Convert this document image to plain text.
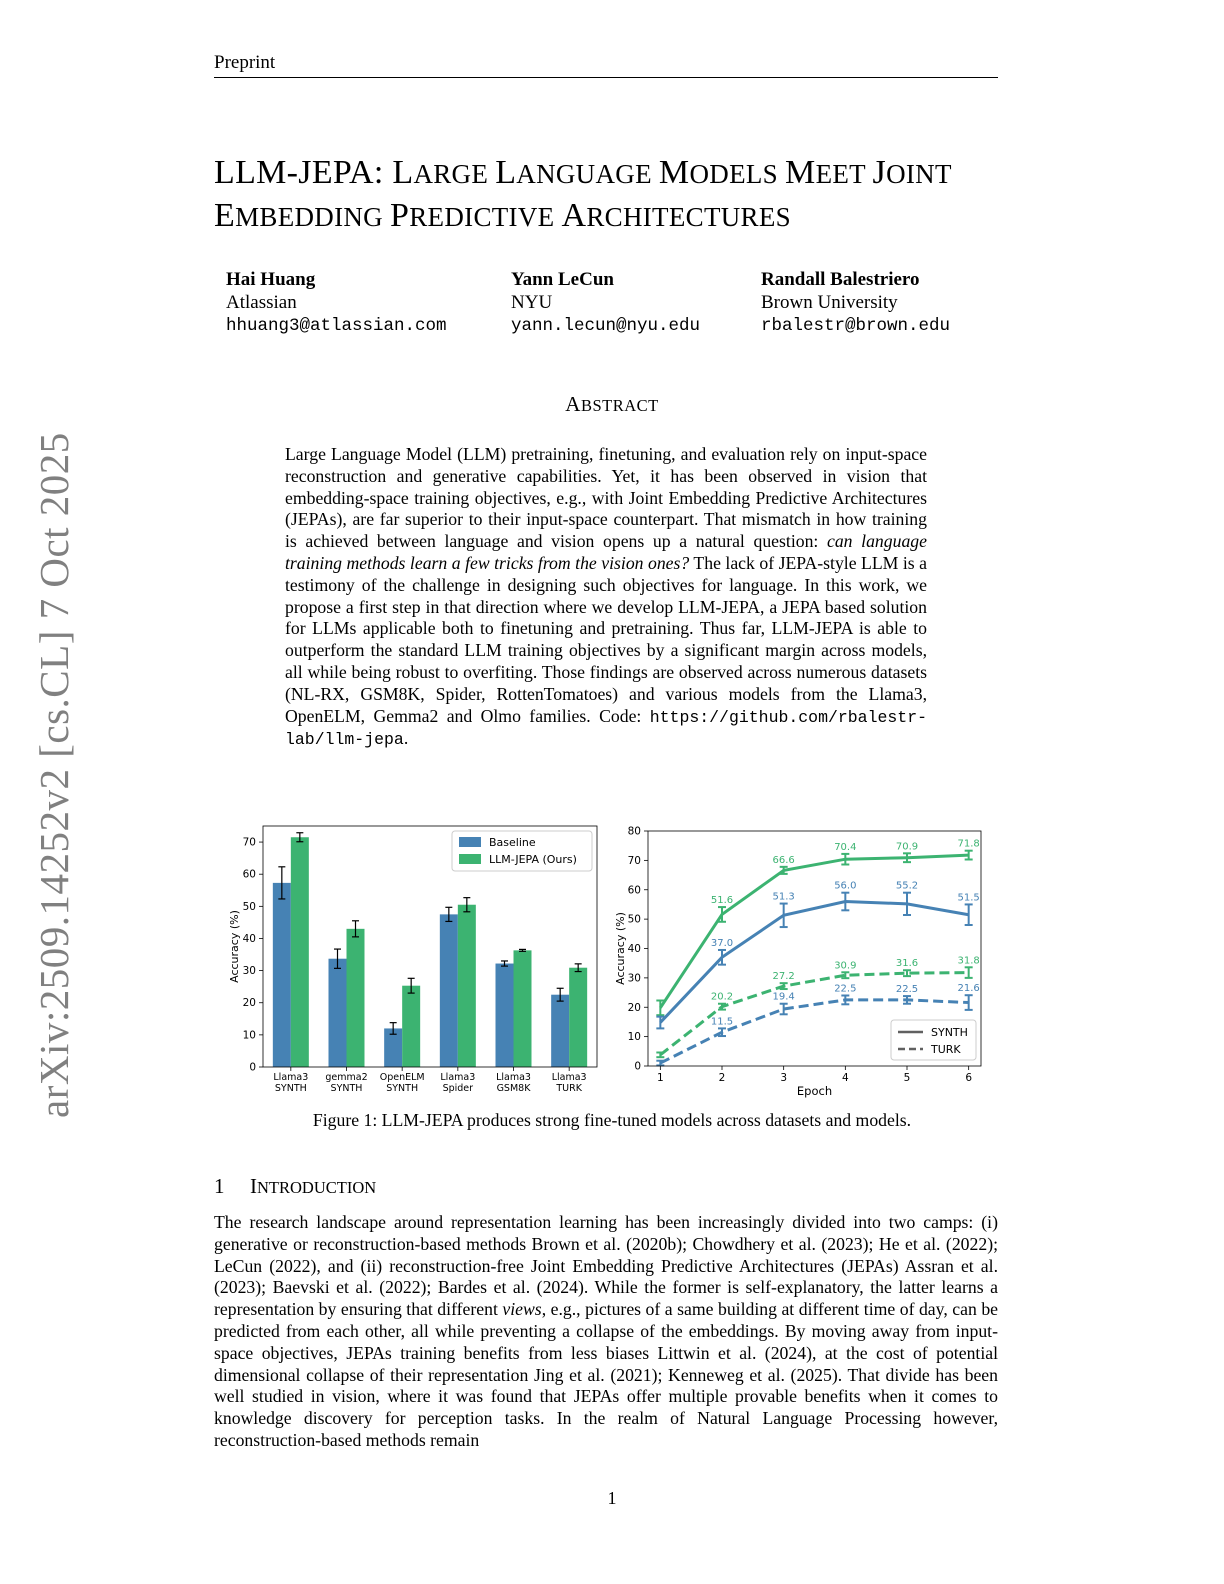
Preprint
LLM-JEPA: LARGE LANGUAGE MODELS MEET JOINT
EMBEDDING PREDICTIVE ARCHITECTURES
Hai Huang
Atlassian
hhuang3@atlassian.com
Yann LeCun
NYU
yann.lecun@nyu.edu
Randall Balestriero
Brown University
rbalestr@brown.edu
ABSTRACT
Large Language Model (LLM) pretraining, finetuning, and evaluation rely on input-space reconstruction and generative capabilities. Yet, it has been observed in vision that embedding-space training objectives, e.g., with Joint Embedding Predictive Architectures (JEPAs), are far superior to their input-space counterpart. That mismatch in how training is achieved between language and vision opens up a natural question: can language training methods learn a few tricks from the vision ones? The lack of JEPA-style LLM is a testimony of the challenge in designing such objectives for language. In this work, we propose a first step in that direction where we develop LLM-JEPA, a JEPA based solution for LLMs applicable both to finetuning and pretraining. Thus far, LLM-JEPA is able to outperform the standard LLM training objectives by a significant margin across models, all while being robust to overfiting. Those findings are observed across numerous datasets (NL-RX, GSM8K, Spider, RottenTomatoes) and various models from the Llama3, OpenELM, Gemma2 and Olmo families. Code: https://github.com/rbalestr-lab/llm-jepa.
arXiv:2509.14252v2 [cs.CL] 7 Oct 2025	0
10
20
30
40
50
60
70
Accuracy (%)
Llama3
SYNTH
gemma2
SYNTH
OpenELM
SYNTH
Llama3
Spider
Llama3
GSM8K
Llama3
TURK
Baseline
LLM-JEPA (Ours)
0
10
20
30
40
50
60
70
80
1	2	3	4	5	6
Epoch
Accuracy (%)
51.6
66.6
70.4	70.9	71.8
37.0
51.3
56.0	55.2
51.5
20.2
27.2
30.9	31.6	31.8
11.5
19.4
22.5	22.5	21.6
SYNTH
TURK
Figure 1: LLM-JEPA produces strong fine-tuned models across datasets and models.
1 INTRODUCTION
The research landscape around representation learning has been increasingly divided into two camps: (i) generative or reconstruction-based methods Brown et al. (2020b); Chowdhery et al. (2023); He et al. (2022); LeCun (2022), and (ii) reconstruction-free Joint Embedding Predictive Architectures (JEPAs) Assran et al. (2023); Baevski et al. (2022); Bardes et al. (2024). While the former is self-explanatory, the latter learns a representation by ensuring that different views, e.g., pictures of a same building at different time of day, can be predicted from each other, all while preventing a collapse of the embeddings. By moving away from input-space objectives, JEPAs training benefits from less biases Littwin et al. (2024), at the cost of potential dimensional collapse of their representation Jing et al. (2021); Kenneweg et al. (2025). That divide has been well studied in vision, where it was found that JEPAs offer multiple provable benefits when it comes to knowledge discovery for perception tasks. In the realm of Natural Language Processing however, reconstruction-based methods remain
1
